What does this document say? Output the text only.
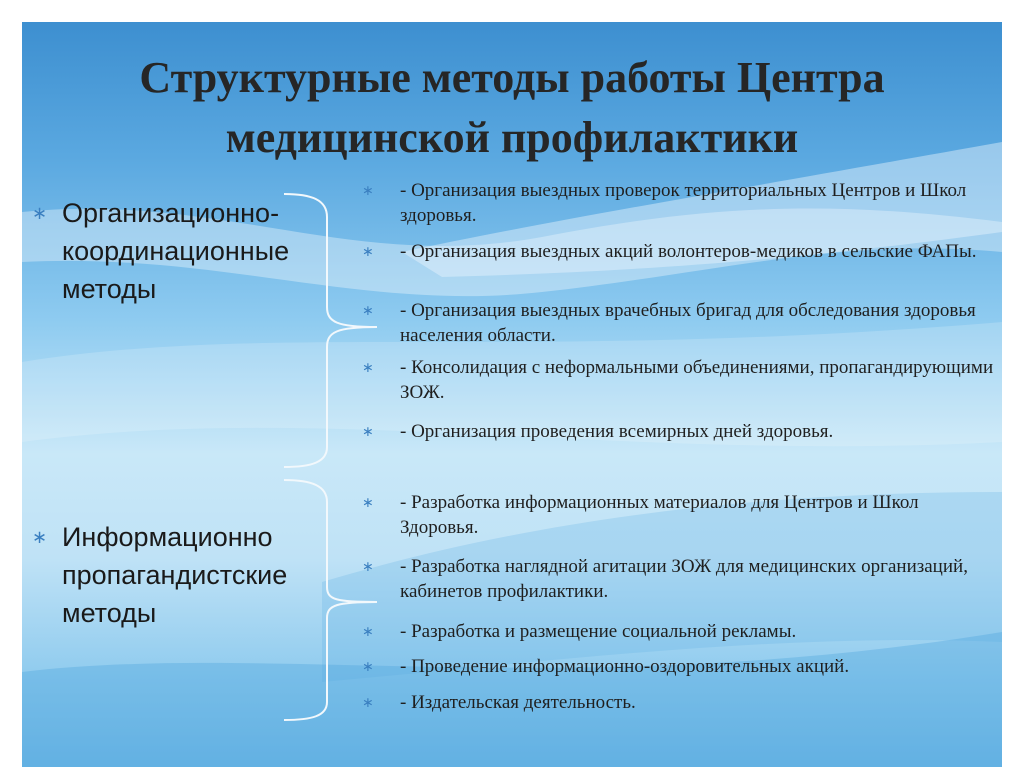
Структурные методы работы Центра медицинской профилактики
∗ Организационно-
координационные
методы
∗ Информационно
пропагандистские
методы
∗ - Организация выездных проверок территориальных Центров и Школ здоровья.
∗ - Организация выездных акций волонтеров-медиков в сельские ФАПы.
∗ - Организация выездных врачебных бригад для обследования здоровья населения области.
∗ - Консолидация с неформальными объединениями, пропагандирующими ЗОЖ.
∗ - Организация проведения всемирных дней здоровья.
∗ - Разработка информационных материалов для Центров и Школ Здоровья.
∗ - Разработка наглядной агитации ЗОЖ для медицинских организаций, кабинетов профилактики.
∗ - Разработка и размещение социальной рекламы.
∗ - Проведение информационно-оздоровительных акций.
∗ - Издательская деятельность.
